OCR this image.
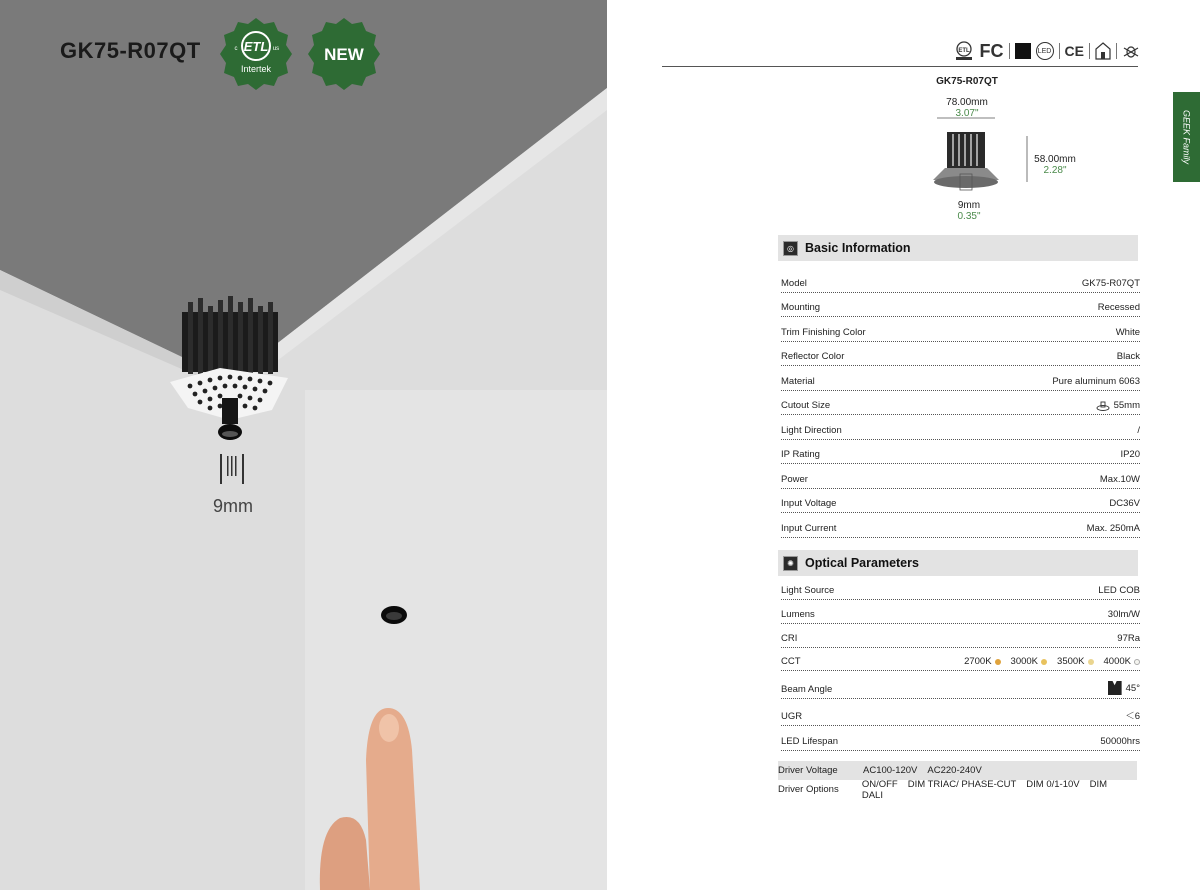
GK75-R07QT	ETL
c	us
Intertek
NEW
9mm
ETL FC	LED CE
GEEK Family
GK75-R07QT
78.00mm
3.07"
58.00mm
2.28"
9mm
0.35"
◎ Basic Information
Model	GK75-R07QT
Mounting	Recessed
Trim Finishing Color	White
Reflector Color	Black
Material	Pure aluminum 6063
Cutout Size	55mm
Light Direction	/
IP Rating	IP20
Power	Max.10W
Input Voltage	DC36V
Input Current	Max. 250mA
✺ Optical Parameters
Light Source	LED COB
Lumens	30lm/W
CRI	97Ra
CCT	2700K 3000K 3500K 4000K
Beam Angle	45°
UGR	＜6
LED Lifespan	50000hrs
Driver Voltage	AC100-120V AC220-240V
Driver Options	ON/OFF DIM TRIAC/ PHASE-CUT DIM 0/1-10V DIM DALI
